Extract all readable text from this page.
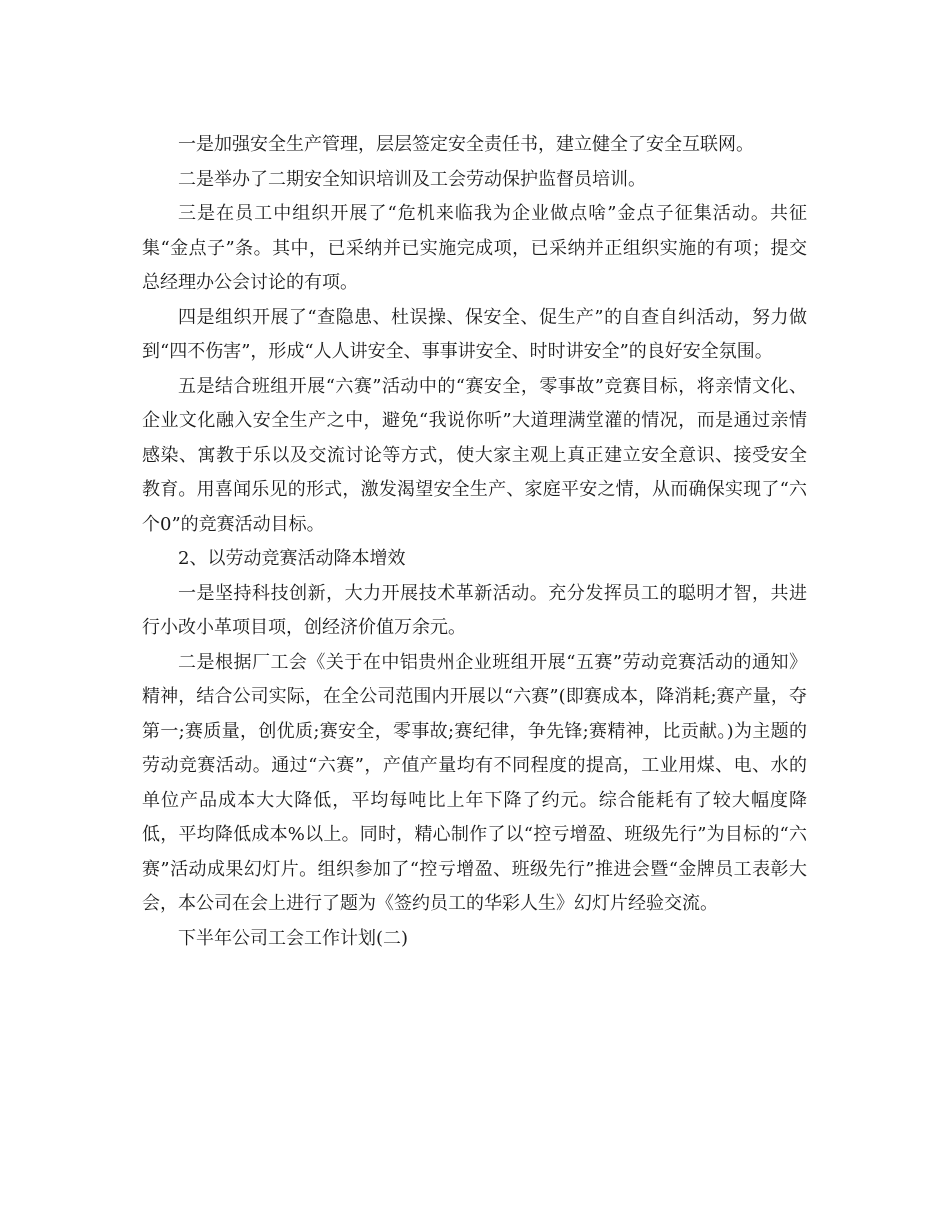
一是加强安全生产管理，层层签定安全责任书，建立健全了安全互联网。

二是举办了二期安全知识培训及工会劳动保护监督员培训。

三是在员工中组织开展了“危机来临我为企业做点啥”金点子征集活动。共征集“金点子”条。其中，已采纳并已实施完成项，已采纳并正组织实施的有项；提交总经理办公会讨论的有项。

四是组织开展了“查隐患、杜误操、保安全、促生产”的自查自纠活动，努力做到“四不伤害”，形成“人人讲安全、事事讲安全、时时讲安全”的良好安全氛围。

五是结合班组开展“六赛”活动中的“赛安全，零事故”竞赛目标，将亲情文化、企业文化融入安全生产之中，避免“我说你听”大道理满堂灌的情况，而是通过亲情感染、寓教于乐以及交流讨论等方式，使大家主观上真正建立安全意识、接受安全教育。用喜闻乐见的形式，激发渴望安全生产、家庭平安之情，从而确保实现了“六个0”的竞赛活动目标。

2、以劳动竞赛活动降本增效

一是坚持科技创新，大力开展技术革新活动。充分发挥员工的聪明才智，共进行小改小革项目项，创经济价值万余元。

二是根据厂工会《关于在中铝贵州企业班组开展“五赛”劳动竞赛活动的通知》精神，结合公司实际，在全公司范围内开展以“六赛”(即赛成本，降消耗;赛产量，夺第一;赛质量，创优质;赛安全，零事故;赛纪律，争先锋;赛精神，比贡献。)为主题的劳动竞赛活动。通过“六赛”，产值产量均有不同程度的提高，工业用煤、电、水的单位产品成本大大降低，平均每吨比上年下降了约元。综合能耗有了较大幅度降低，平均降低成本%以上。同时，精心制作了以“控亏增盈、班级先行”为目标的“六赛”活动成果幻灯片。组织参加了“控亏增盈、班级先行”推进会暨“金牌员工表彰大会，本公司在会上进行了题为《签约员工的华彩人生》幻灯片经验交流。

下半年公司工会工作计划(二)
